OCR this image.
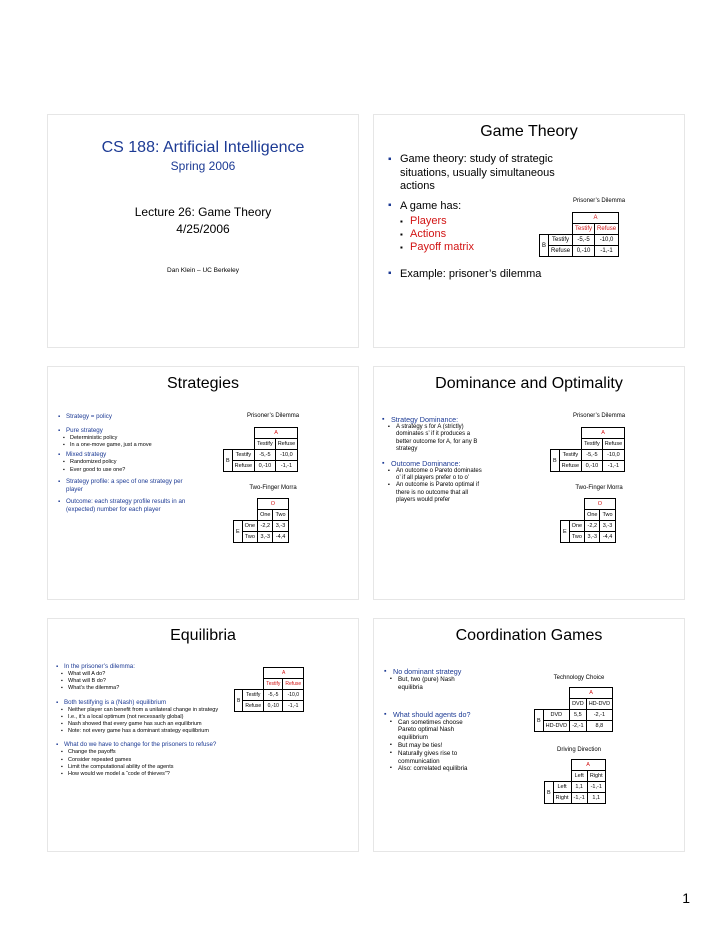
CS 188: Artificial Intelligence
Spring 2006
Lecture 26: Game Theory
4/25/2006
Dan Klein – UC Berkeley
Game Theory

▪ Game theory: study of strategic situations, usually simultaneous actions

▪ A game has:

▪ Players

▪ Actions

▪ Payoff matrix

▪ Example: prisoner’s dilemma

Prisoner’s Dilemma
		A	
		Testify	Refuse
B	Testify	-5,-5	-10,0
	Refuse	0,-10	-1,-1
Strategies

▪ Strategy = policy

▪ Pure strategy

▪ Deterministic policy

▪ In a one-move game, just a move

▪ Mixed strategy

▪ Randomized policy

▪ Ever good to use one?

▪ Strategy profile: a spec of one strategy per player

▪ Outcome: each strategy profile results in an (expected) number for each player

Prisoner’s Dilemma
		A	
		Testify	Refuse
B	Testify	-5,-5	-10,0
	Refuse	0,-10	-1,-1
Two-Finger Morra
		O	
		One	Two
E	One	-2,2	3,-3
	Two	3,-3	-4,4
Dominance and Optimality

▪ Strategy Dominance:

▪ A strategy s for A (strictly)

dominates s’ if it produces a
better outcome for A, for any B
strategy

▪ Outcome Dominance:

▪ An outcome o Pareto dominates

o’ if all players prefer o to o’

▪ An outcome is Pareto optimal if

there is no outcome that all
players would prefer
Prisoner’s Dilemma
		A	
		Testify	Refuse
B	Testify	-5,-5	-10,0
	Refuse	0,-10	-1,-1
Two-Finger Morra
		O	
		One	Two
E	One	-2,2	3,-3
	Two	3,-3	-4,4
Equilibria

▪ In the prisoner’s dilemma:

▪ What will A do?

▪ What will B do?

▪ What’s the dilemma?

▪ Both testifying is a (Nash) equilibrium

▪ Neither player can benefit from a unilateral change in strategy

▪ I.e., it’s a local optimum (not necessarily global)

▪ Nash showed that every game has such an equilibrium

▪ Note: not every game has a dominant strategy equilibrium

▪ What do we have to change for the prisoners to refuse?

▪ Change the payoffs

▪ Consider repeated games

▪ Limit the computational ability of the agents

▪ How would we model a “code of thieves”?

		A	
		Testify	Refuse
B	Testify	-5,-5	-10,0
	Refuse	0,-10	-1,-1
Coordination Games

▪ No dominant strategy

▪ But, two (pure) Nash

equilibria

▪ What should agents do?

▪ Can sometimes choose

Pareto optimal Nash
equilibrium

▪ But may be ties!

▪ Naturally gives rise to

communication

▪ Also: correlated equilibria

Technology Choice
		A	
		DVD	HD-DVD
B	DVD	5,5	-2,-1
	HD-DVD	-2,-1	8,8
Driving Direction
		A	
		Left	Right
B	Left	1,1	-1,-1
	Right	-1,-1	1,1
1
